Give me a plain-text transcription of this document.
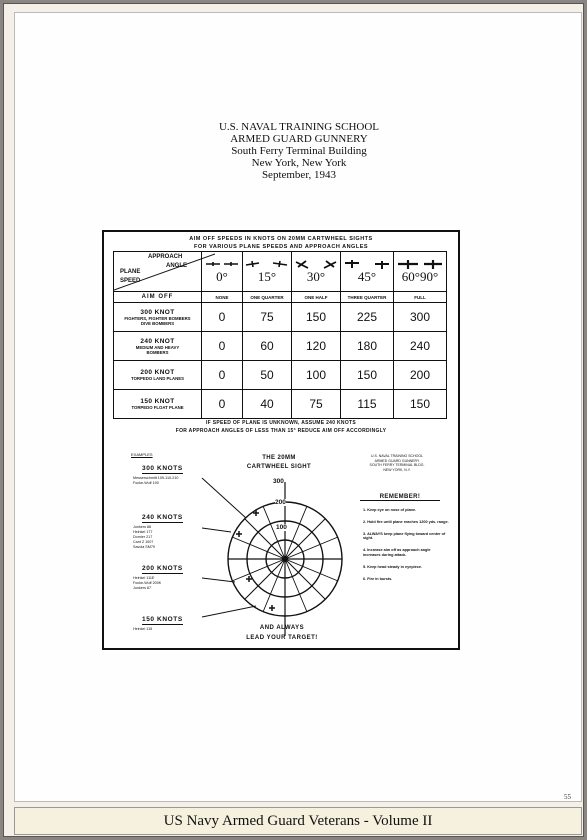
U.S. NAVAL TRAINING SCHOOL
ARMED GUARD GUNNERY
South Ferry Terminal Building
New York, New York
September, 1943
AIM OFF SPEEDS IN KNOTS ON 20MM CARTWHEEL SIGHTS
FOR VARIOUS PLANE SPEEDS AND APPROACH ANGLES
APPROACH
ANGLE
PLANE
SPEED	0°	15°	30°	45°	60°90°

AIM OFF	NONE	ONE QUARTER	ONE HALF	THREE QUARTER	FULL

300 KNOT
FIGHTERS, FIGHTER BOMBERS
DIVE BOMBERS	0	75	150	225	300

240 KNOT
MEDIUM AND HEAVY
BOMBERS	0	60	120	180	240

200 KNOT
TORPEDO LAND PLANES	0	50	100	150	200

150 KNOT
TORPEDO FLOAT PLANE	0	40	75	115	150
IF SPEED OF PLANE IS UNKNOWN, ASSUME 240 KNOTS
FOR APPROACH ANGLES OF LESS THAN 15° REDUCE AIM OFF ACCORDINGLY
EXAMPLES
300 KNOTS
Messerschmitt 109-110-210
Focke-Wulf 190
240 KNOTS
Junkers 88
Heinkel 177
Dornier 217
Cant Z 1007
Savoia SM79
200 KNOTS
Heinkel 111E
Focke-Wulf 200K
Junkers 87
150 KNOTS
Heinkel 115
THE 20MM
CARTWHEEL SIGHT
300
200
100
U.S. NAVAL TRAINING SCHOOL
ARMED GUARD GUNNERY
SOUTH FERRY TERMINAL BLDG.
NEW YORK, N.Y.
REMEMBER!
1. Keep eye on nose of plane.
2. Hold fire until plane reaches 1200 yds. range.
3. ALWAYS keep plane flying toward center of sight.
4. Increase aim off as approach angle increases during attack.
5. Keep head steady in eyepiece.
6. Fire in bursts.
AND ALWAYS
LEAD YOUR TARGET!
55
US Navy Armed Guard Veterans - Volume II
